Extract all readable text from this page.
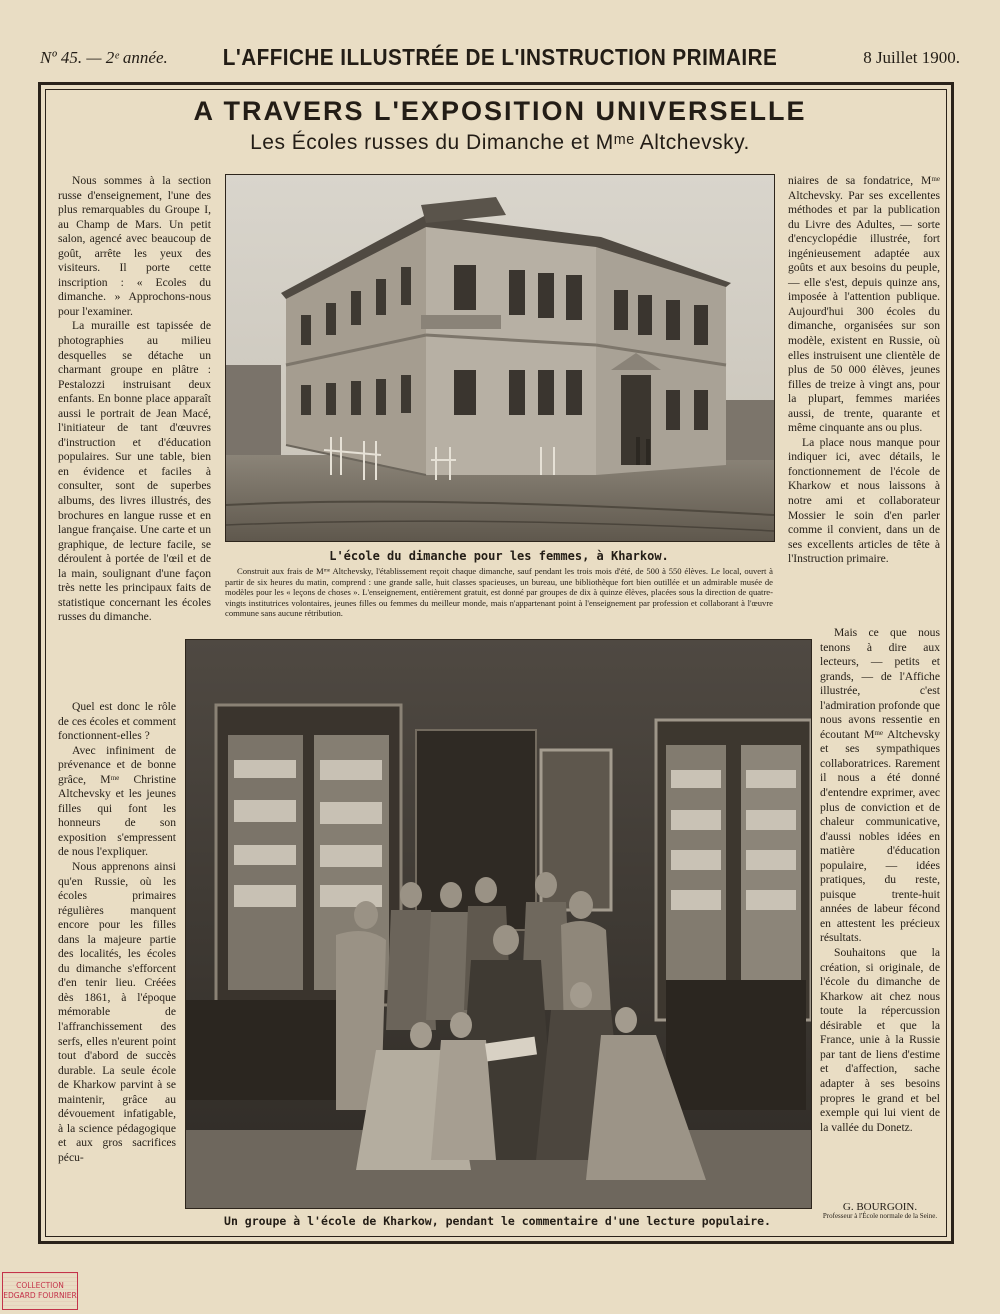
Nº 45. — 2ᵉ année.	L'AFFICHE ILLUSTRÉE DE L'INSTRUCTION PRIMAIRE	8 Juillet 1900.
A TRAVERS L'EXPOSITION UNIVERSELLE
Les Écoles russes du Dimanche et Mᵐᵉ Altchevsky.

Nous sommes à la section russe d'enseignement, l'une des plus remarquables du Groupe I, au Champ de Mars. Un petit salon, agencé avec beaucoup de goût, arrête les yeux des visiteurs. Il porte cette inscription : « Ecoles du dimanche. » Approchons-nous pour l'examiner.

La muraille est tapissée de photographies au milieu desquelles se détache un charmant groupe en plâtre : Pestalozzi instruisant deux enfants. En bonne place apparaît aussi le portrait de Jean Macé, l'initiateur de tant d'œuvres d'instruction et d'éducation populaires. Sur une table, bien en évidence et faciles à consulter, sont de superbes albums, des livres illustrés, des brochures en langue russe et en langue française. Une carte et un graphique, de lecture facile, se déroulent à portée de l'œil et de la main, soulignant d'une façon très nette les principaux faits de statistique concernant les écoles russes du dimanche.

Quel est donc le rôle de ces écoles et comment fonctionnent-elles ?

Avec infiniment de prévenance et de bonne grâce, Mᵐᵉ Christine Altchevsky et les jeunes filles qui font les honneurs de son exposition s'empressent de nous l'expliquer.

Nous apprenons ainsi qu'en Russie, où les écoles primaires régulières manquent encore pour les filles dans la majeure partie des localités, les écoles du dimanche s'efforcent d'en tenir lieu. Créées dès 1861, à l'époque mémorable de l'affranchissement des serfs, elles n'eurent point tout d'abord de succès durable. La seule école de Kharkow parvint à se maintenir, grâce au dévouement infatigable, à la science pédagogique et aux gros sacrifices pécu-

niaires de sa fondatrice, Mᵐᵉ Altchevsky. Par ses excellentes méthodes et par la publication du Livre des Adultes, — sorte d'encyclopédie illustrée, fort ingénieusement adaptée aux goûts et aux besoins du peuple, — elle s'est, depuis quinze ans, imposée à l'attention publique. Aujourd'hui 300 écoles du dimanche, organisées sur son modèle, existent en Russie, où elles instruisent une clientèle de plus de 50 000 élèves, jeunes filles de treize à vingt ans, pour la plupart, femmes mariées aussi, de trente, quarante et même cinquante ans ou plus.

La place nous manque pour indiquer ici, avec détails, le fonctionnement de l'école de Kharkow et nous laissons à notre ami et collaborateur Mossier le soin d'en parler comme il convient, dans un de ses excellents articles de tête à l'Instruction primaire.

Mais ce que nous tenons à dire aux lecteurs, — petits et grands, — de l'Affiche illustrée, c'est l'admiration profonde que nous avons ressentie en écoutant Mᵐᵉ Altchevsky et ses sympathiques collaboratrices. Rarement il nous a été donné d'entendre exprimer, avec plus de conviction et de chaleur communicative, d'aussi nobles idées en matière d'éducation populaire, — idées pratiques, du reste, puisque trente-huit années de labeur fécond en attestent les précieux résultats.

Souhaitons que la création, si originale, de l'école du dimanche de Kharkow ait chez nous toute la répercussion désirable et que la France, unie à la Russie par tant de liens d'estime et d'affection, sache adapter à ses besoins propres le grand et bel exemple qui lui vient de la vallée du Donetz.

L'école du dimanche pour les femmes, à Kharkow.
Construit aux frais de Mᵐᵉ Altchevsky, l'établissement reçoit chaque dimanche, sauf pendant les trois mois d'été, de 500 à 550 élèves. Le local, ouvert à partir de six heures du matin, comprend : une grande salle, huit classes spacieuses, un bureau, une bibliothèque fort bien outillée et un admirable musée de modèles pour les « leçons de choses ». L'enseignement, entièrement gratuit, est donné par groupes de dix à quinze élèves, placées sous la direction de quatre-vingts institutrices volontaires, jeunes filles ou femmes du meilleur monde, mais n'appartenant point à l'enseignement par profession et collaborant à l'œuvre commune sans aucune rétribution.
Un groupe à l'école de Kharkow, pendant le commentaire d'une lecture populaire.
G. BOURGOIN.
Professeur à l'École normale de la Seine.
COLLECTION
EDGARD FOURNIER
